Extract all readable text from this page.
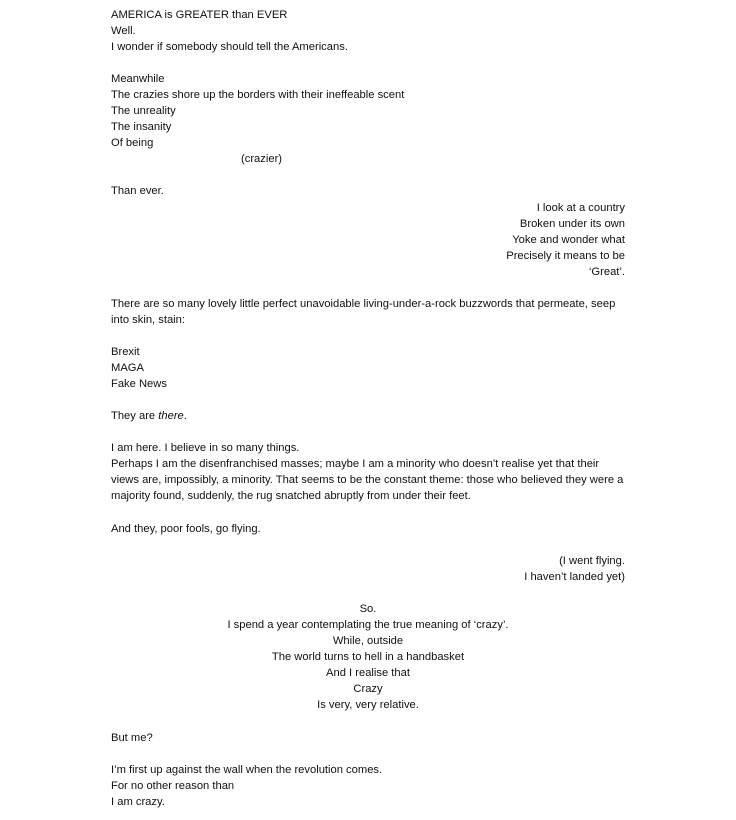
AMERICA is GREATER than EVER
Well.
I wonder if somebody should tell the Americans.
Meanwhile
The crazies shore up the borders with their ineffeable scent
The unreality
The insanity
Of being
(crazier)
Than ever.
I look at a country
Broken under its own
Yoke and wonder what
Precisely it means to be
‘Great’.
There are so many lovely little perfect unavoidable living-under-a-rock buzzwords that permeate, seep into skin, stain:
Brexit
MAGA
Fake News
They are there.
I am here. I believe in so many things.
Perhaps I am the disenfranchised masses; maybe I am a minority who doesn’t realise yet that their views are, impossibly, a minority. That seems to be the constant theme: those who believed they were a majority found, suddenly, the rug snatched abruptly from under their feet.
And they, poor fools, go flying.
(I went flying.
I haven’t landed yet)
So.
I spend a year contemplating the true meaning of ‘crazy’.
While, outside
The world turns to hell in a handbasket
And I realise that
Crazy
Is very, very relative.
But me?
I’m first up against the wall when the revolution comes.
For no other reason than
I am crazy.
